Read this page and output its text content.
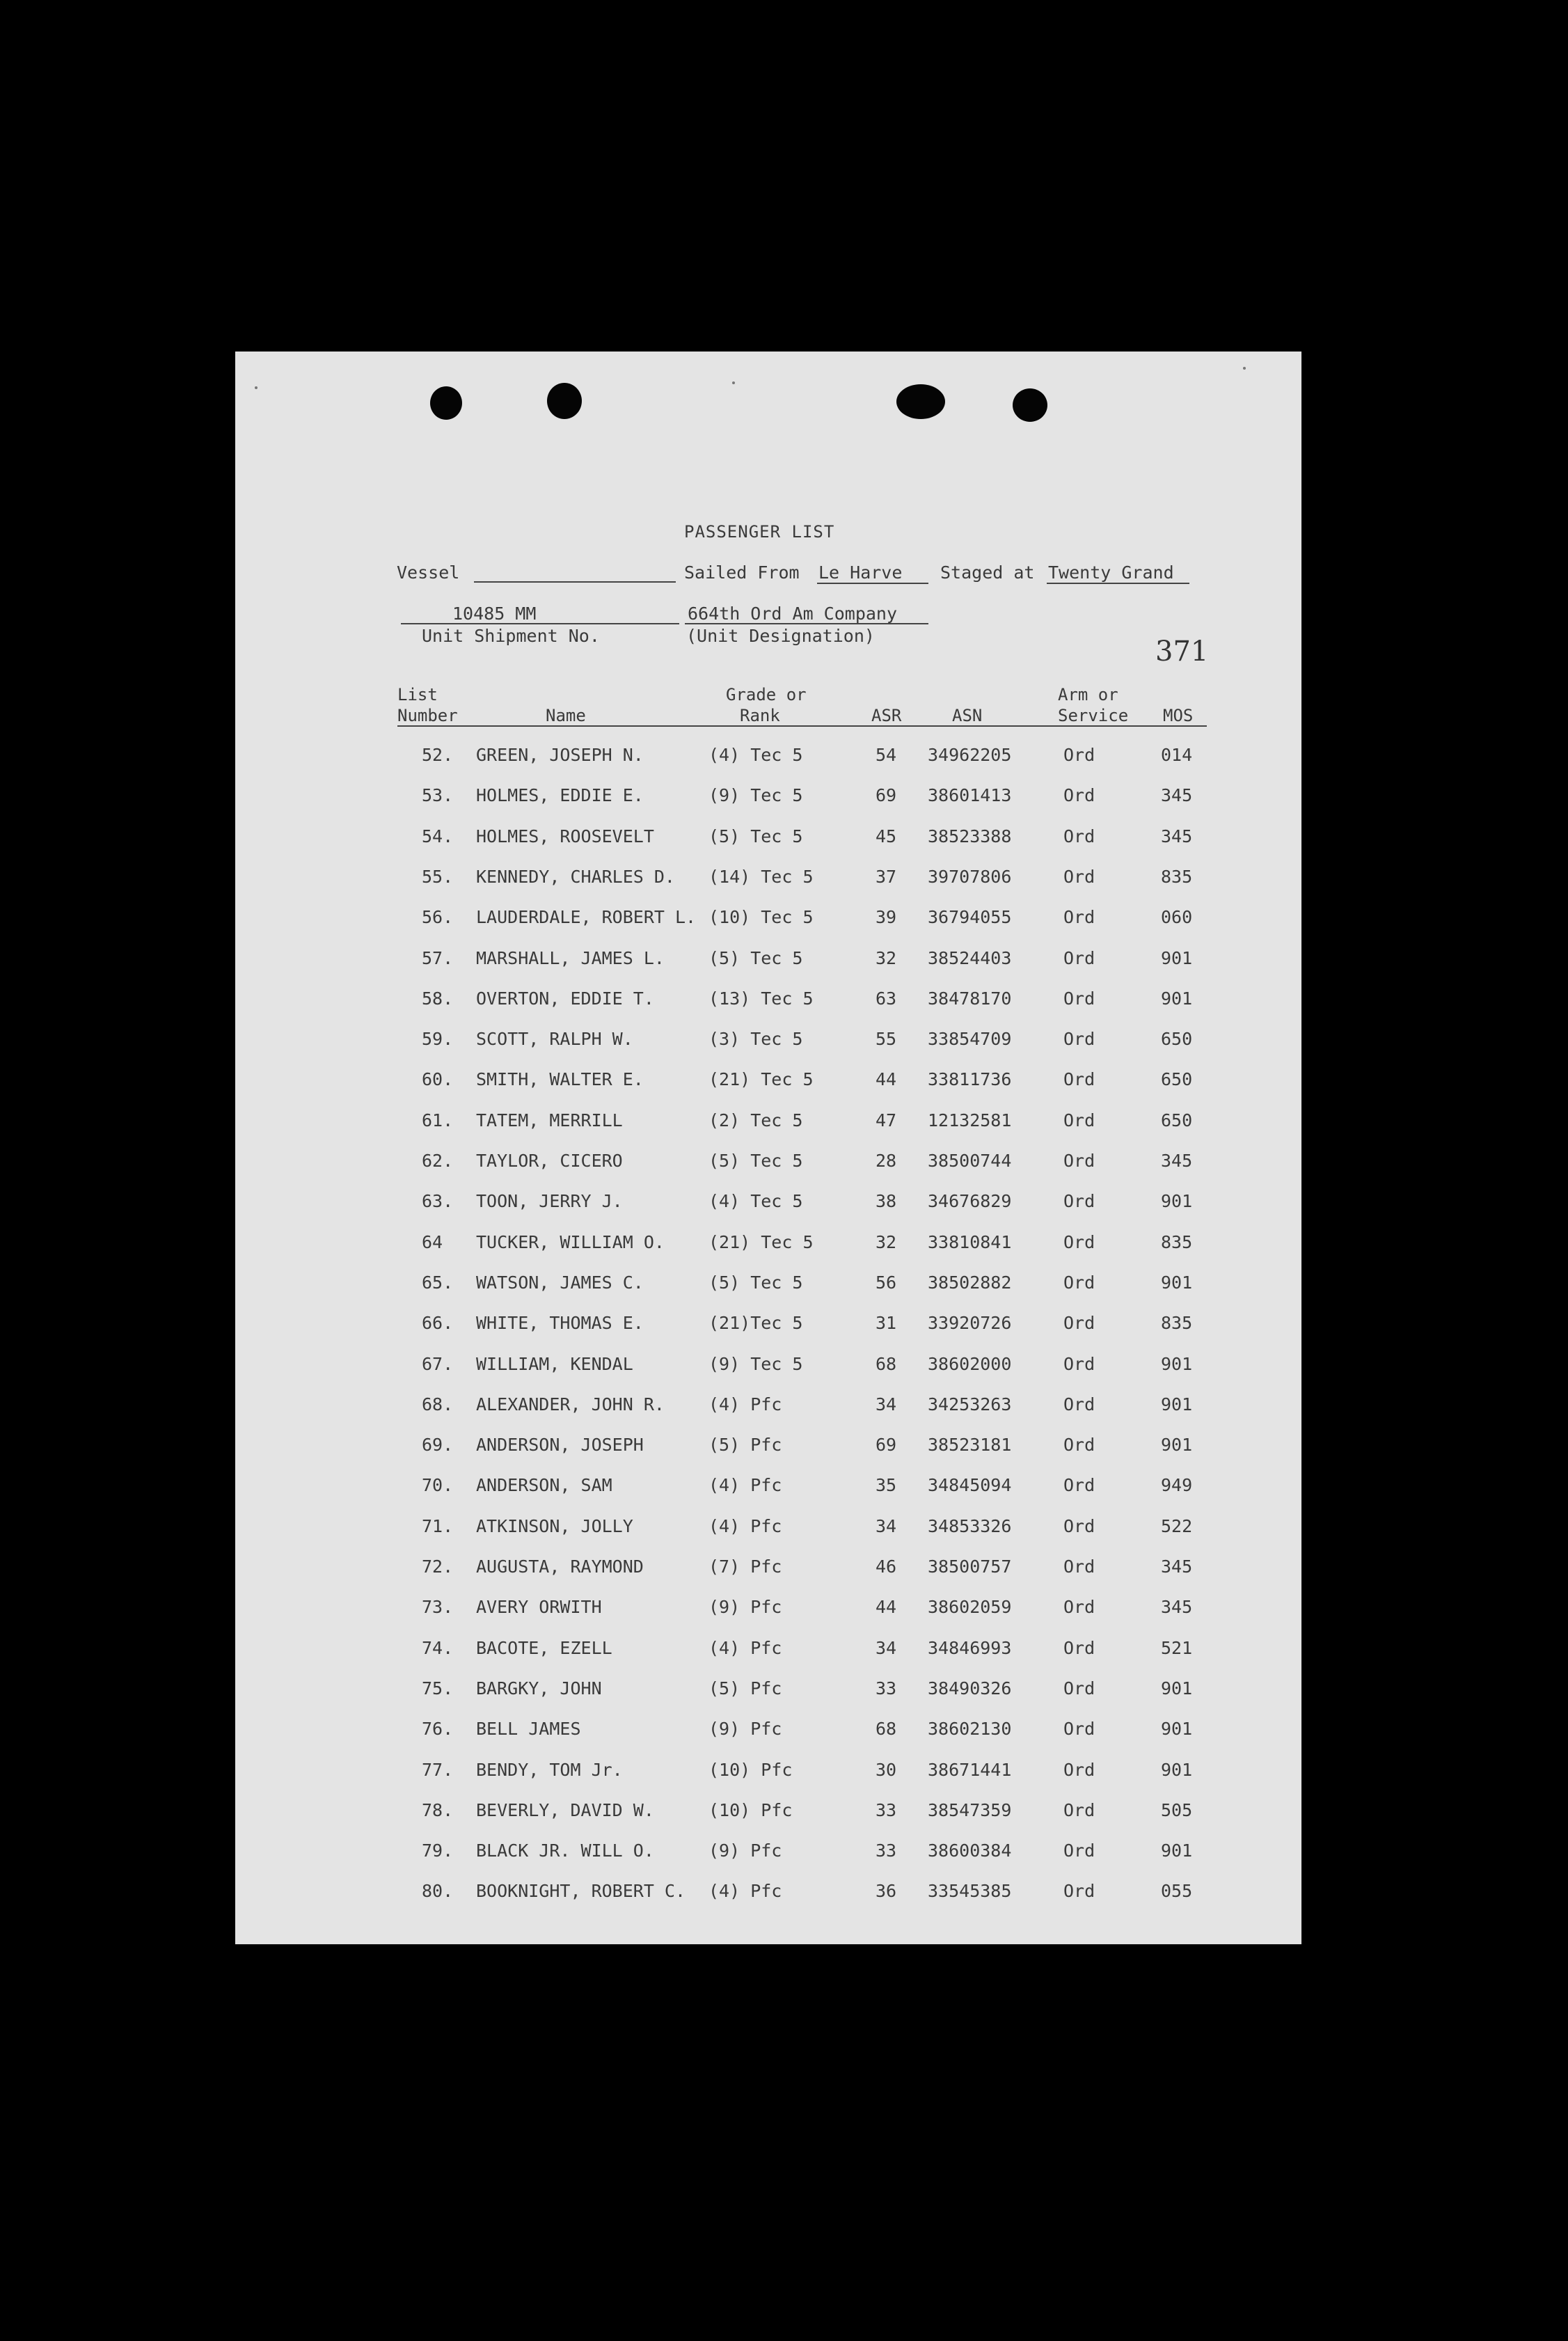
PASSENGER LIST
Vessel	Sailed From Le Harve Staged at Twenty Grand
10485 MM
Unit Shipment No.
664th Ord Am Company
(Unit Designation)	371
List
Number	Name
Grade or
Rank	ASR	ASN
Arm or
Service MOS
52. GREEN, JOSEPH N.	(4) Tec 5	54 34962205	Ord	014
53. HOLMES, EDDIE E.	(9) Tec 5	69 38601413	Ord	345
54. HOLMES, ROOSEVELT	(5) Tec 5	45 38523388	Ord	345
55. KENNEDY, CHARLES D. (14) Tec 5	37 39707806	Ord	835
56. LAUDERDALE, ROBERT L. (10) Tec 5	39 36794055	Ord	060
57. MARSHALL, JAMES L.	(5) Tec 5	32 38524403	Ord	901
58. OVERTON, EDDIE T.	(13) Tec 5	63 38478170	Ord	901
59. SCOTT, RALPH W.	(3) Tec 5	55 33854709	Ord	650
60. SMITH, WALTER E.	(21) Tec 5	44 33811736	Ord	650
61. TATEM, MERRILL	(2) Tec 5	47 12132581	Ord	650
62. TAYLOR, CICERO	(5) Tec 5	28 38500744	Ord	345
63. TOON, JERRY J.	(4) Tec 5	38 34676829	Ord	901
64 TUCKER, WILLIAM O.	(21) Tec 5	32 33810841	Ord	835
65. WATSON, JAMES C.	(5) Tec 5	56 38502882	Ord	901
66. WHITE, THOMAS E.	(21)Tec 5	31 33920726	Ord	835
67. WILLIAM, KENDAL	(9) Tec 5	68 38602000	Ord	901
68. ALEXANDER, JOHN R.	(4) Pfc	34 34253263	Ord	901
69. ANDERSON, JOSEPH	(5) Pfc	69 38523181	Ord	901
70. ANDERSON, SAM	(4) Pfc	35 34845094	Ord	949
71. ATKINSON, JOLLY	(4) Pfc	34 34853326	Ord	522
72. AUGUSTA, RAYMOND	(7) Pfc	46 38500757	Ord	345
73. AVERY ORWITH	(9) Pfc	44 38602059	Ord	345
74. BACOTE, EZELL	(4) Pfc	34 34846993	Ord	521
75. BARGKY, JOHN	(5) Pfc	33 38490326	Ord	901
76. BELL JAMES	(9) Pfc	68 38602130	Ord	901
77. BENDY, TOM Jr.	(10) Pfc	30 38671441	Ord	901
78. BEVERLY, DAVID W.	(10) Pfc	33 38547359	Ord	505
79. BLACK JR. WILL O.	(9) Pfc	33 38600384	Ord	901
80. BOOKNIGHT, ROBERT C. (4) Pfc	36 33545385	Ord	055
